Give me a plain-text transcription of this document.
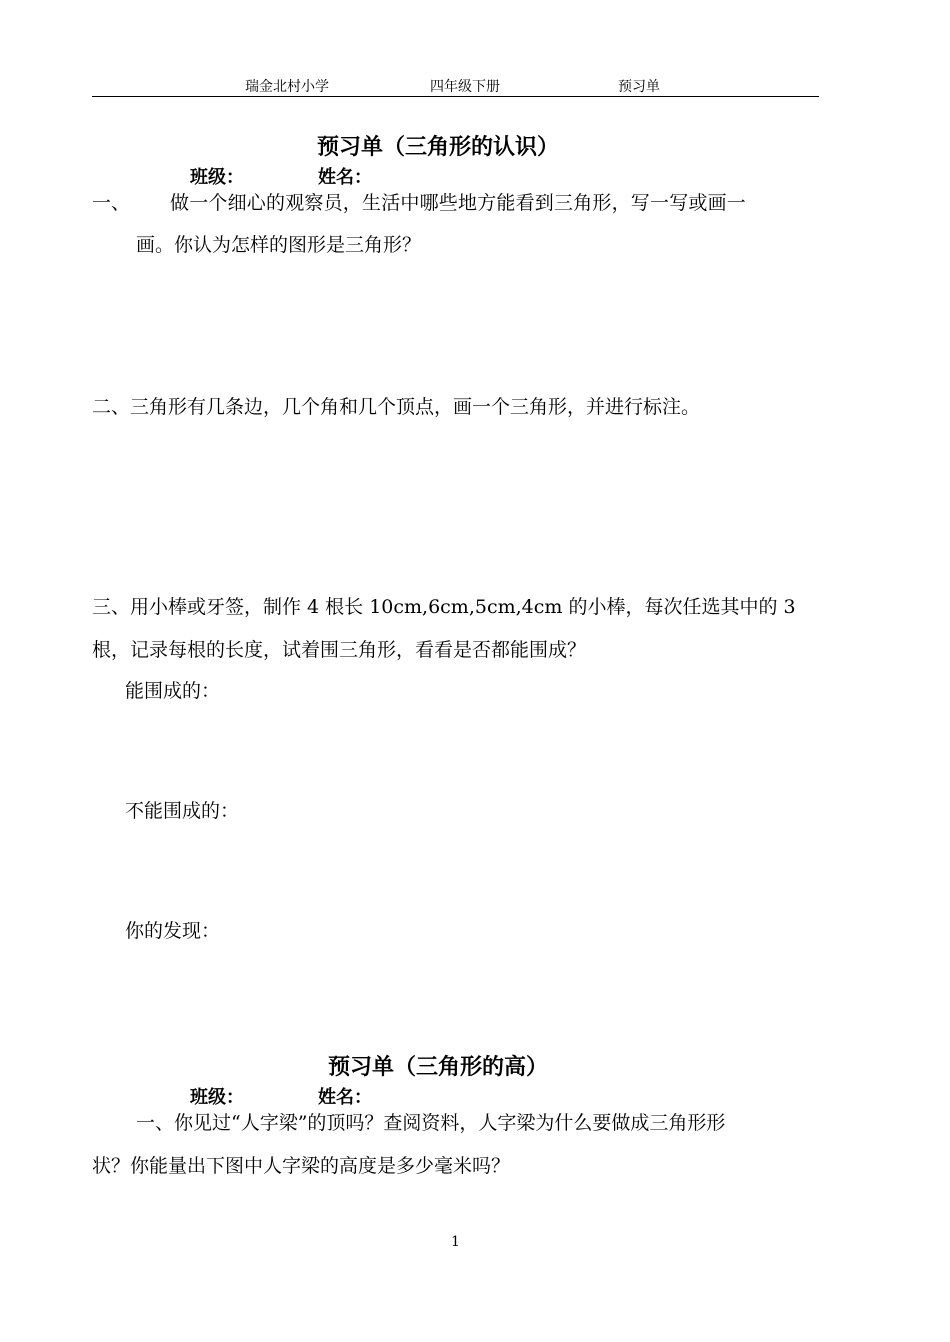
瑞金北村小学	四年级下册	预习单
预习单（三角形的认识）
班级：	姓名：
一、 做一个细心的观察员，生活中哪些地方能看到三角形，写一写或画一
画。你认为怎样的图形是三角形？
二、三角形有几条边，几个角和几个顶点，画一个三角形，并进行标注。
三、用小棒或牙签，制作 4 根长 10cm,6cm,5cm,4cm 的小棒，每次任选其中的 3
根，记录每根的长度，试着围三角形，看看是否都能围成？
能围成的：
不能围成的：
你的发现：
预习单（三角形的高）
班级：	姓名：
一、你见过“人字梁”的顶吗？查阅资料，人字梁为什么要做成三角形形
状？你能量出下图中人字梁的高度是多少毫米吗？
1
